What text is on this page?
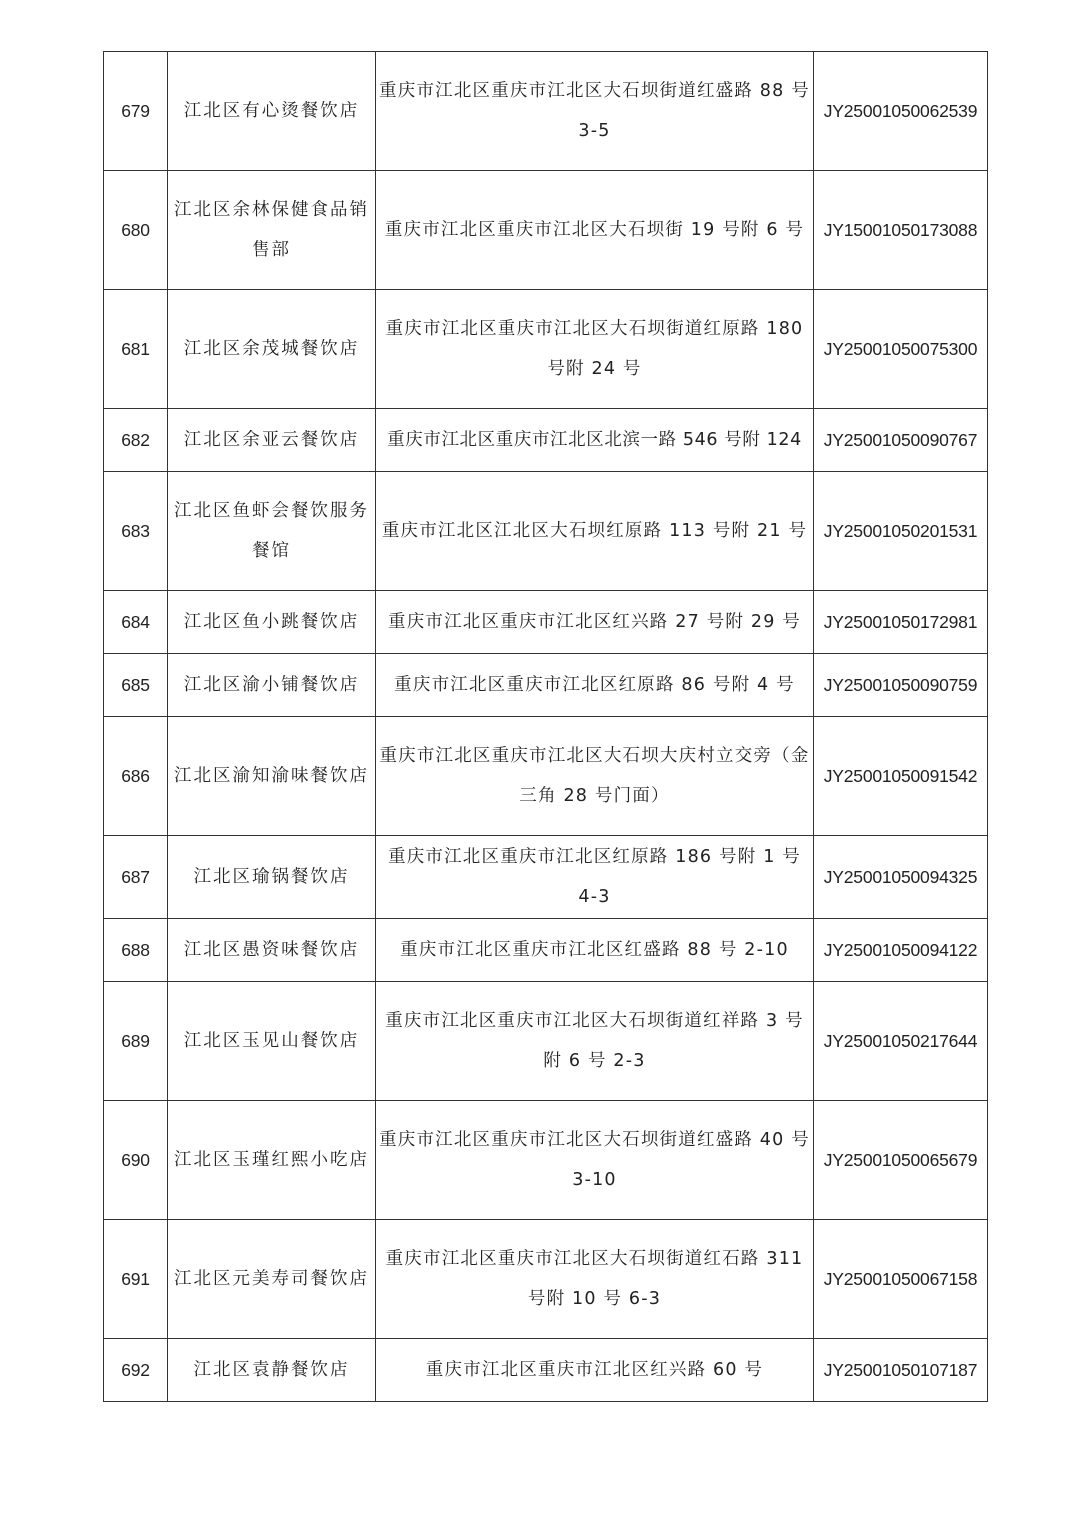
679	江北区有心烫餐饮店	重庆市江北区重庆市江北区大石坝街道红盛路 88 号 3-5	JY25001050062539
680	江北区余林保健食品销售部	重庆市江北区重庆市江北区大石坝街 19 号附 6 号	JY15001050173088
681	江北区余茂城餐饮店	重庆市江北区重庆市江北区大石坝街道红原路 180 号附 24 号	JY25001050075300
682	江北区余亚云餐饮店	重庆市江北区重庆市江北区北滨一路 546 号附 124	JY25001050090767
683	江北区鱼虾会餐饮服务餐馆	重庆市江北区江北区大石坝红原路 113 号附 21 号	JY25001050201531
684	江北区鱼小跳餐饮店	重庆市江北区重庆市江北区红兴路 27 号附 29 号	JY25001050172981
685	江北区渝小铺餐饮店	重庆市江北区重庆市江北区红原路 86 号附 4 号	JY25001050090759
686	江北区渝知渝味餐饮店	重庆市江北区重庆市江北区大石坝大庆村立交旁（金三角 28 号门面）	JY25001050091542
687	江北区瑜锅餐饮店	重庆市江北区重庆市江北区红原路 186 号附 1 号 4-3	JY25001050094325
688	江北区愚资味餐饮店	重庆市江北区重庆市江北区红盛路 88 号 2-10	JY25001050094122
689	江北区玉见山餐饮店	重庆市江北区重庆市江北区大石坝街道红祥路 3 号附 6 号 2-3	JY25001050217644
690	江北区玉瑾红熙小吃店	重庆市江北区重庆市江北区大石坝街道红盛路 40 号 3-10	JY25001050065679
691	江北区元美寿司餐饮店	重庆市江北区重庆市江北区大石坝街道红石路 311 号附 10 号 6-3	JY25001050067158
692	江北区袁静餐饮店	重庆市江北区重庆市江北区红兴路 60 号	JY25001050107187
